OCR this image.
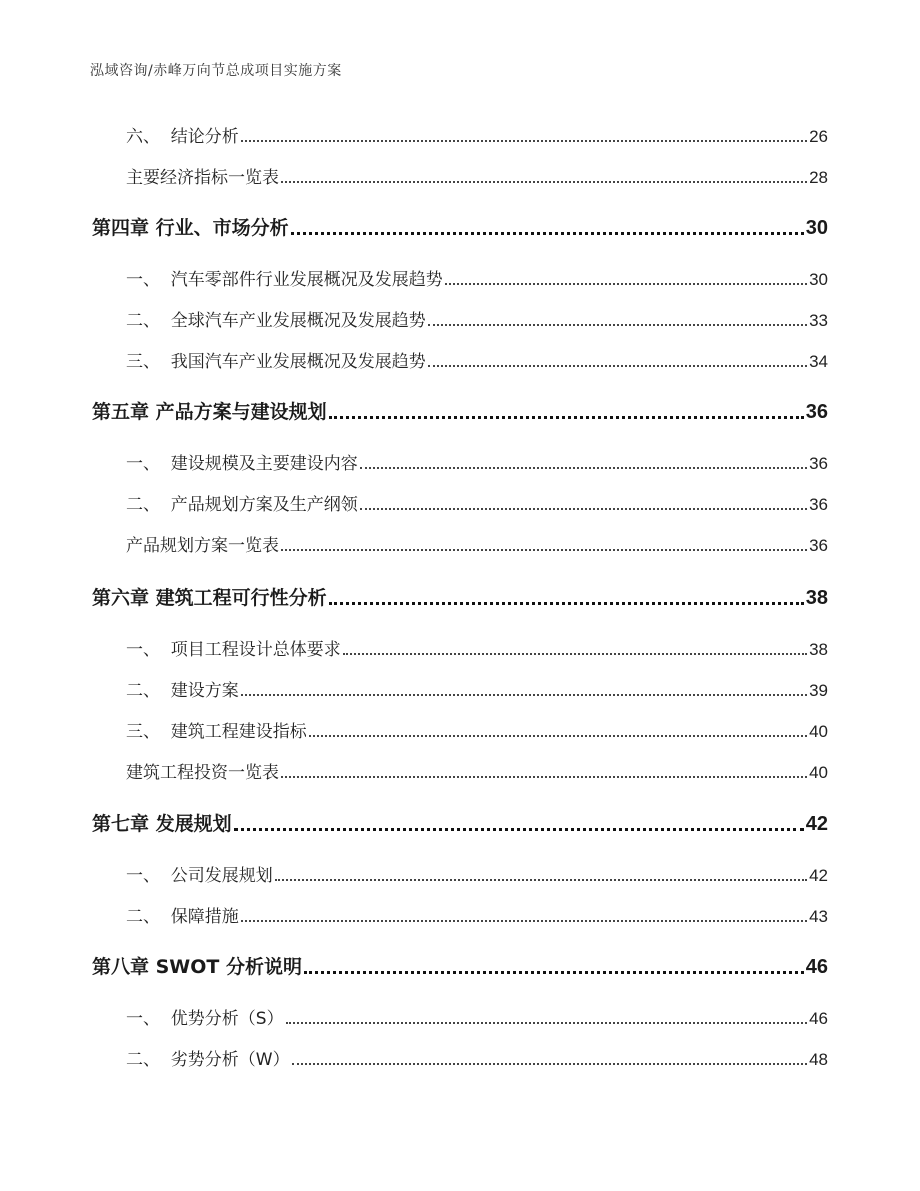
泓域咨询/赤峰万向节总成项目实施方案
六、  结论分析	26
主要经济指标一览表	28
第四章 行业、市场分析	30
一、  汽车零部件行业发展概况及发展趋势	30
二、  全球汽车产业发展概况及发展趋势	33
三、  我国汽车产业发展概况及发展趋势	34
第五章 产品方案与建设规划	36
一、  建设规模及主要建设内容	36
二、  产品规划方案及生产纲领	36
产品规划方案一览表	36
第六章 建筑工程可行性分析	38
一、  项目工程设计总体要求	38
二、  建设方案	39
三、  建筑工程建设指标	40
建筑工程投资一览表	40
第七章 发展规划	42
一、  公司发展规划	42
二、  保障措施	43
第八章 SWOT 分析说明	46
一、  优势分析（S）	46
二、  劣势分析（W）	48
